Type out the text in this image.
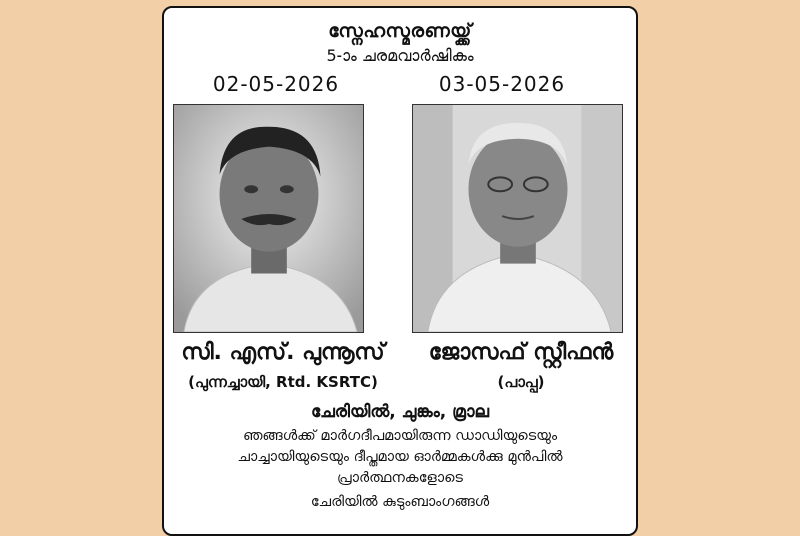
സ്നേഹസ്മരണയ്ക്ക്
5-ാം ചരമവാർഷികം
02-05-2026	03-05-2026
സി. എസ്. പുന്നൂസ്	ജോസഫ് സ്റ്റീഫൻ
(പുന്നച്ചായി, Rtd. KSRTC)	(പാപ്പ)
ചേരിയിൽ, ചുങ്കം, മ്രാല
ഞങ്ങൾക്ക് മാർഗദീപമായിരുന്ന ഡാഡിയുടെയും
ചാച്ചായിയുടെയും ദീപ്തമായ ഓർമ്മകൾക്കു മുൻപിൽ
പ്രാർത്ഥനകളോടെ
ചേരിയിൽ കുടുംബാംഗങ്ങൾ
